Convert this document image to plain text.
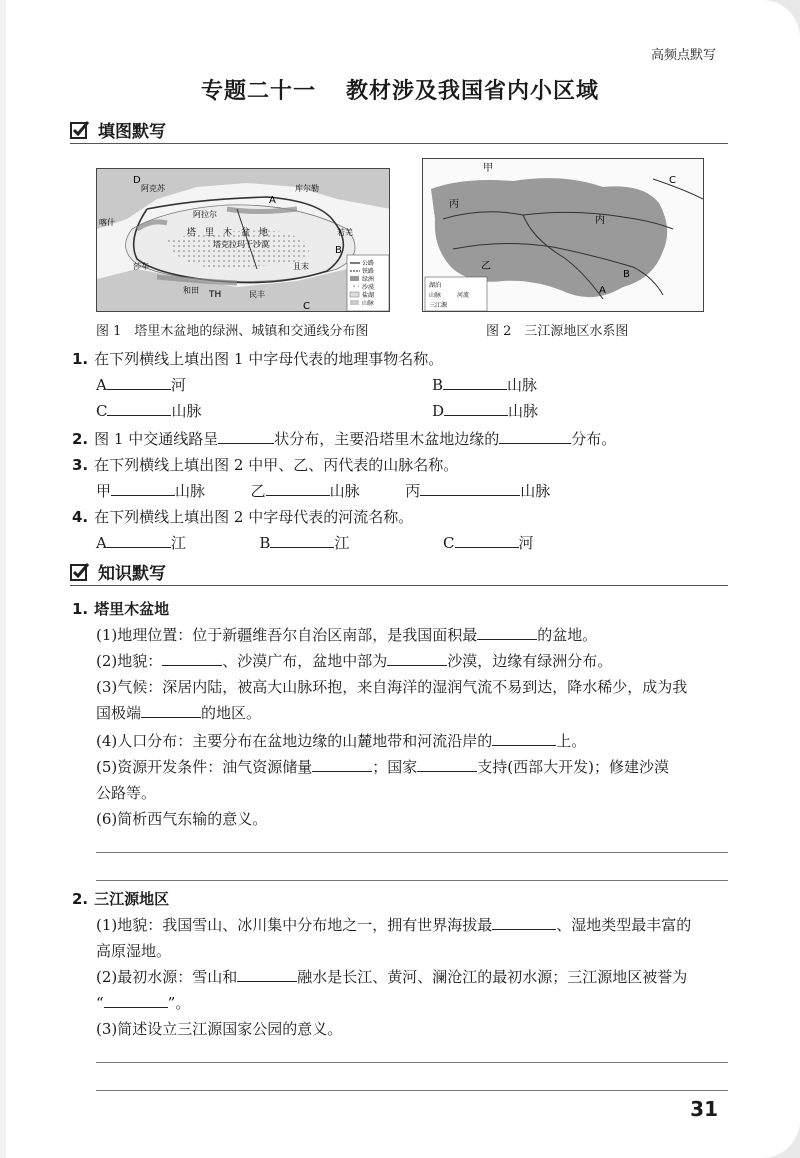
高频点默写
专题二十一 教材涉及我国省内小区域
填图默写
D
A
B
C
阿克苏	库尔勒
喀什
阿拉尔
塔　里　木　盆　地
塔克拉玛干沙漠
和田	民丰
若羌
且末
莎车
TH
公路
铁路
绿洲
沙漠
盐湖
山脉
图 1　塔里木盆地的绿洲、城镇和交通线分布图
甲
乙
丙
C
B
A
内
湖泊
山脉	河流
三江源
图 2　三江源地区水系图
1. 在下列横线上填出图 1 中字母代表的地理事物名称。
A	河	B	山脉
C	山脉	D	山脉
2. 图 1 中交通线路呈	状分布，主要沿塔里木盆地边缘的	分布。
3. 在下列横线上填出图 2 中甲、乙、丙代表的山脉名称。
甲	山脉	乙	山脉	丙	山脉
4. 在下列横线上填出图 2 中字母代表的河流名称。
A	江	B	江	C	河
知识默写
1. 塔里木盆地
(1)地理位置：位于新疆维吾尔自治区南部，是我国面积最	的盆地。
(2)地貌：	、沙漠广布，盆地中部为	沙漠，边缘有绿洲分布。
(3)气候：深居内陆，被高大山脉环抱，来自海洋的湿润气流不易到达，降水稀少，成为我
国极端	的地区。
(4)人口分布：主要分布在盆地边缘的山麓地带和河流沿岸的	上。
(5)资源开发条件：油气资源储量	；国家	支持(西部大开发)；修建沙漠
公路等。
(6)简析西气东输的意义。
2. 三江源地区
(1)地貌：我国雪山、冰川集中分布地之一，拥有世界海拔最	、湿地类型最丰富的
高原湿地。
(2)最初水源：雪山和	融水是长江、黄河、澜沧江的最初水源；三江源地区被誉为
“	”。
(3)简述设立三江源国家公园的意义。
31
